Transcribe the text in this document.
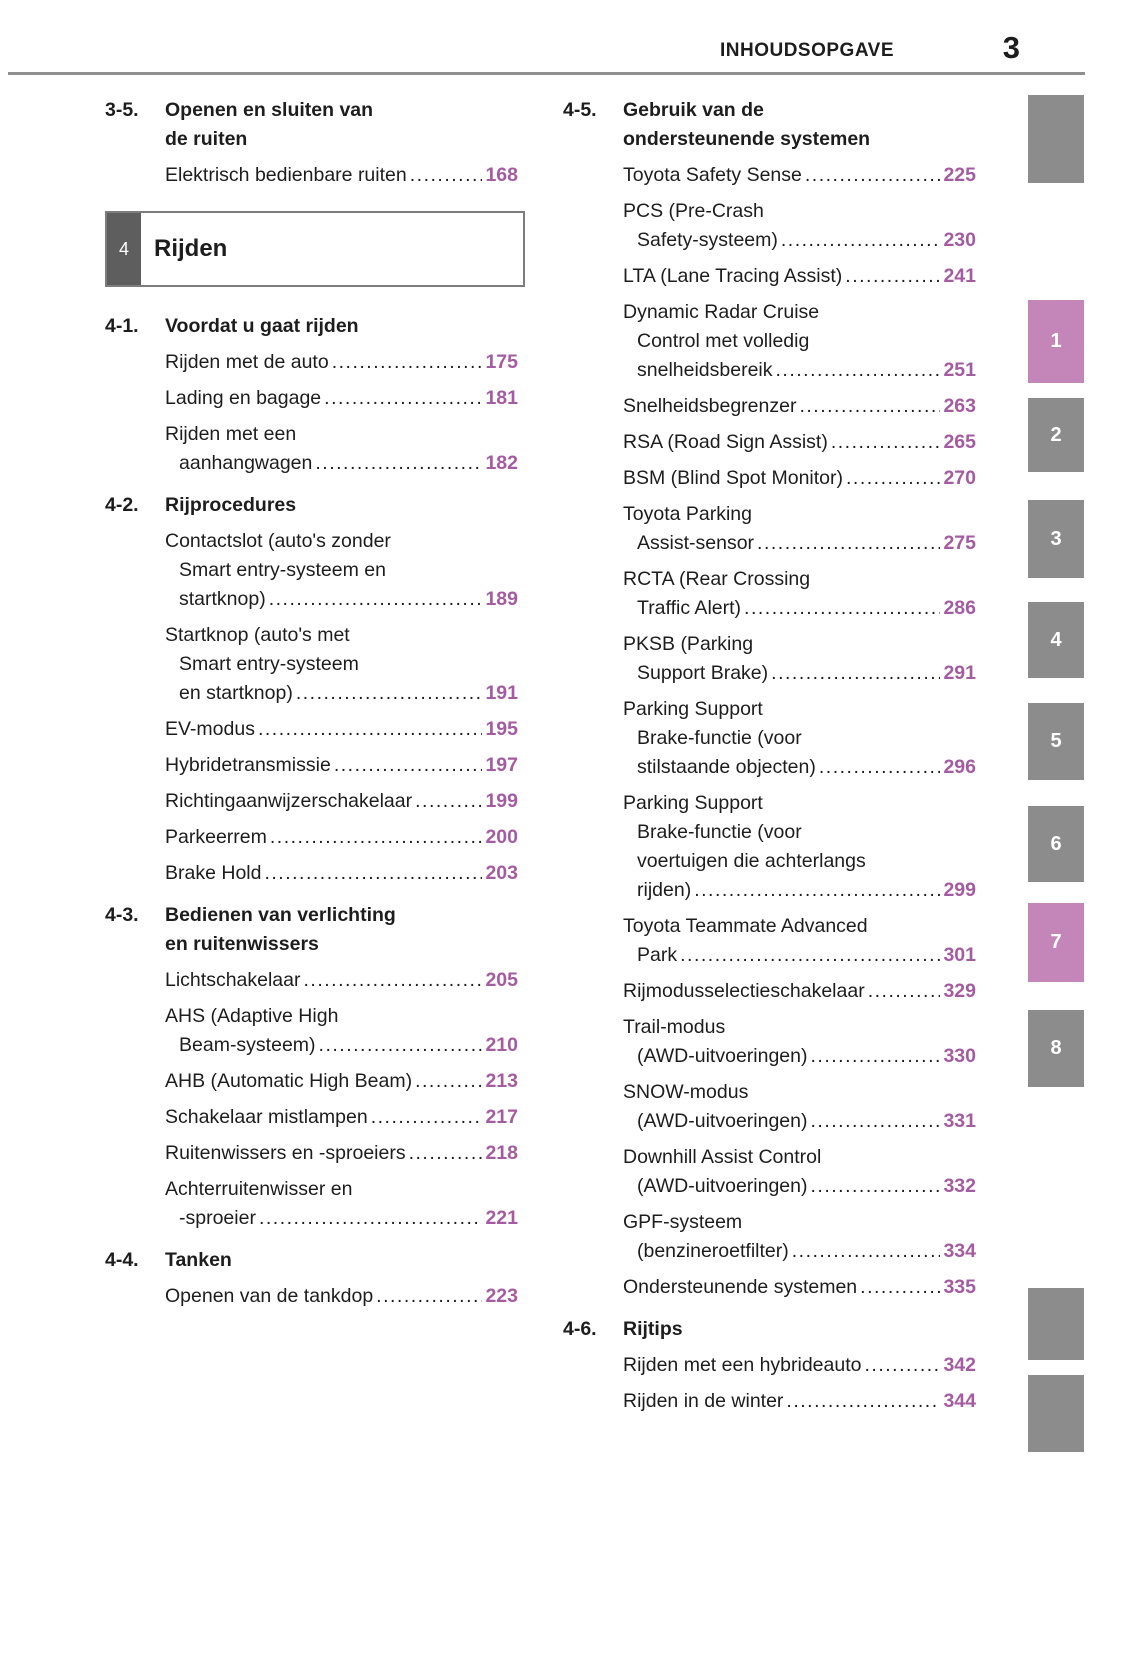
INHOUDSOPGAVE	3
3-5.	Openen en sluiten van
de ruiten
Elektrisch bedienbare ruiten .....	168
4	Rijden
4-1.	Voordat u gaat rijden
Rijden met de auto .....	175
Lading en bagage .....	181
Rijden met een
aanhangwagen .....	182
4-2.	Rijprocedures
Contactslot (auto's zonder
Smart entry-systeem en
startknop) .....	189
Startknop (auto's met
Smart entry-systeem
en startknop) .....	191
EV-modus .....	195
Hybridetransmissie .....	197
Richtingaanwijzerschakelaar .....	199
Parkeerrem .....	200
Brake Hold .....	203
4-3.	Bedienen van verlichting
en ruitenwissers
Lichtschakelaar .....	205
AHS (Adaptive High
Beam-systeem) .....	210
AHB (Automatic High Beam) .....	213
Schakelaar mistlampen .....	217
Ruitenwissers en -sproeiers .....	218
Achterruitenwisser en
-sproeier .....	221
4-4.	Tanken
Openen van de tankdop .....	223
4-5.	Gebruik van de
ondersteunende systemen
Toyota Safety Sense .....	225
PCS (Pre-Crash
Safety-systeem) .....	230
LTA (Lane Tracing Assist) .....	241
Dynamic Radar Cruise
Control met volledig
snelheidsbereik .....	251
Snelheidsbegrenzer .....	263
RSA (Road Sign Assist) .....	265
BSM (Blind Spot Monitor) .....	270
Toyota Parking
Assist-sensor .....	275
RCTA (Rear Crossing
Traffic Alert) .....	286
PKSB (Parking
Support Brake) .....	291
Parking Support
Brake-functie (voor
stilstaande objecten) .....	296
Parking Support
Brake-functie (voor
voertuigen die achterlangs
rijden) .....	299
Toyota Teammate Advanced
Park .....	301
Rijmodusselectieschakelaar .....	329
Trail-modus
(AWD-uitvoeringen) .....	330
SNOW-modus
(AWD-uitvoeringen) .....	331
Downhill Assist Control
(AWD-uitvoeringen) .....	332
GPF-systeem
(benzineroetfilter) .....	334
Ondersteunende systemen .....	335
4-6.	Rijtips
Rijden met een hybrideauto .....	342
Rijden in de winter .....	344
1
2
3
4
5
6
7
8
